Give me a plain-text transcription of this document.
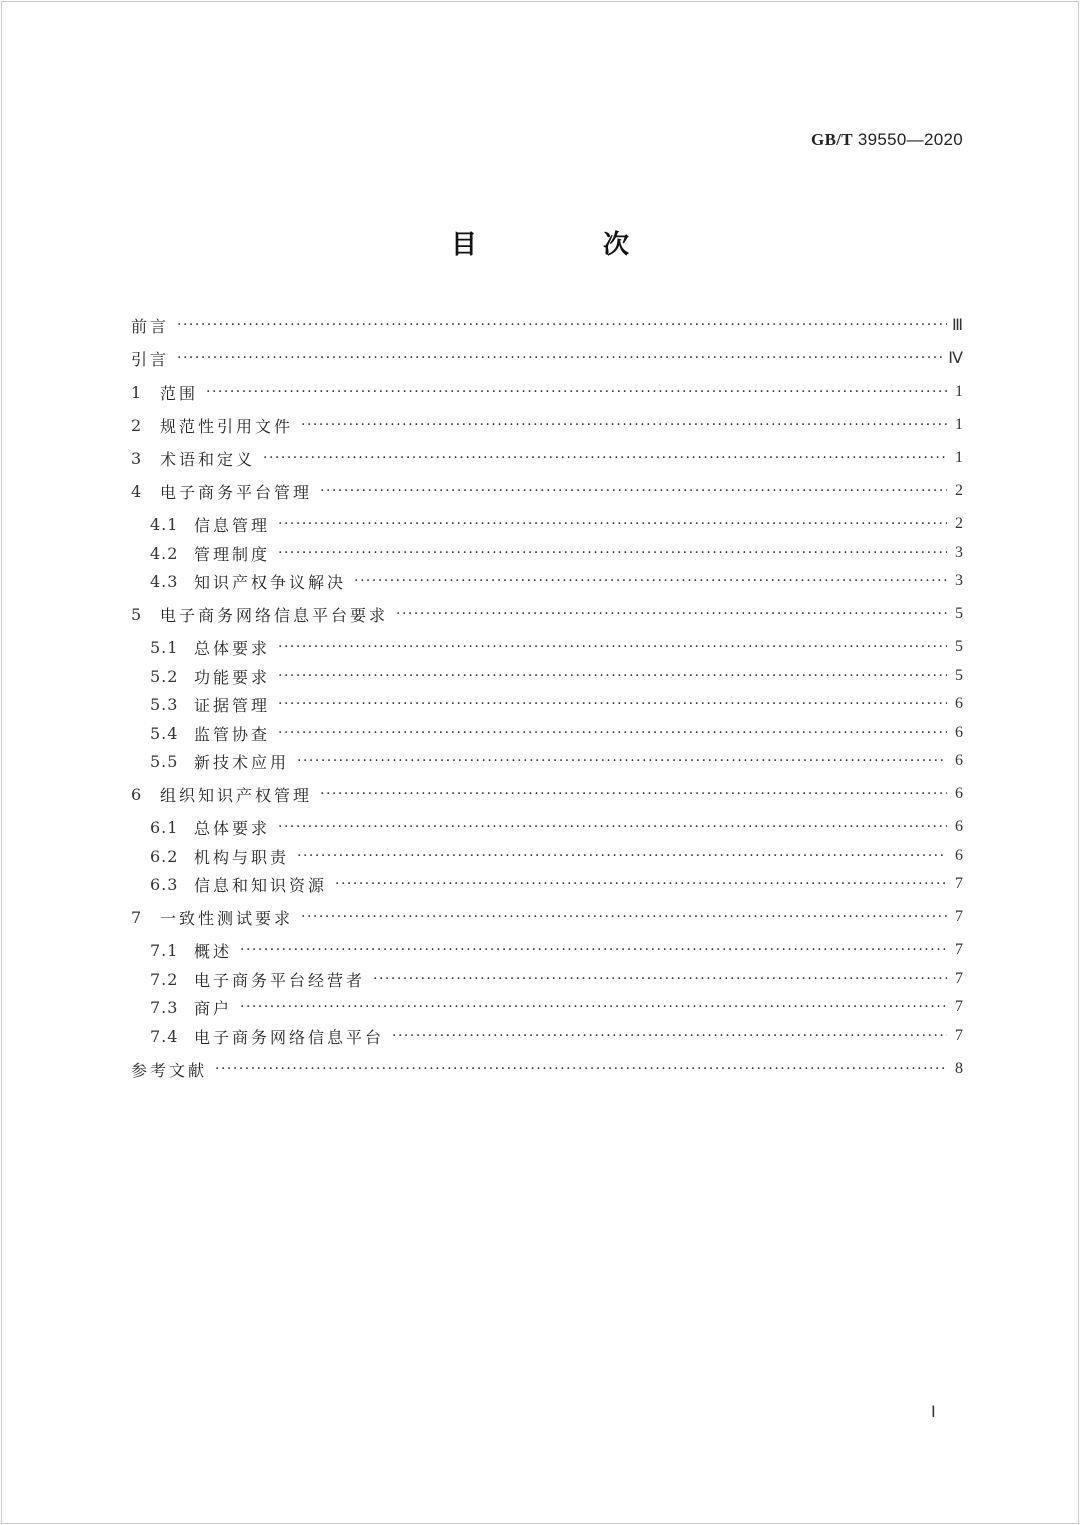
GB/T 39550—2020
目　次
前言 ·····	Ⅲ
引言 ·····	Ⅳ
1	范围 ·····	1
2	规范性引用文件 ·····	1
3	术语和定义 ·····	1
4	电子商务平台管理 ·····	2
4.1 信息管理 ·····	2
4.2 管理制度 ·····	3
4.3 知识产权争议解决 ·····	3
5	电子商务网络信息平台要求 ·····	5
5.1 总体要求 ·····	5
5.2 功能要求 ·····	5
5.3 证据管理 ·····	6
5.4 监管协查 ·····	6
5.5 新技术应用 ·····	6
6	组织知识产权管理 ·····	6
6.1 总体要求 ·····	6
6.2 机构与职责 ·····	6
6.3 信息和知识资源 ·····	7
7	一致性测试要求 ·····	7
7.1 概述 ·····	7
7.2 电子商务平台经营者 ·····	7
7.3 商户 ·····	7
7.4 电子商务网络信息平台 ·····	7
参考文献 ·····	8
Ⅰ
